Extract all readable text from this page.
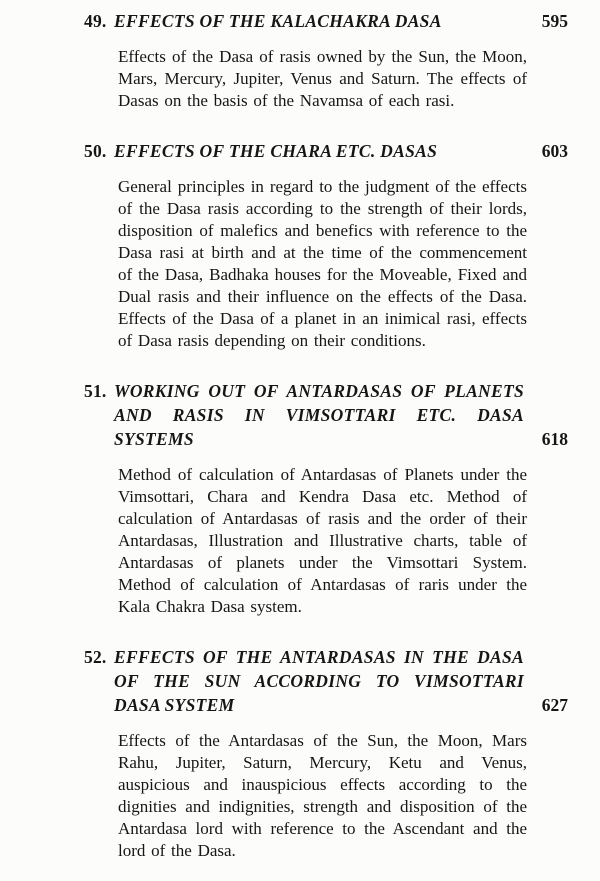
49. EFFECTS OF THE KALACHAKRA DASA	595

Effects of the Dasa of rasis owned by the Sun, the Moon, Mars, Mercury, Jupiter, Venus and Saturn. The effects of Dasas on the basis of the Navamsa of each rasi.

50. EFFECTS OF THE CHARA ETC. DASAS	603

General principles in regard to the judgment of the effects of the Dasa rasis according to the strength of their lords, disposition of malefics and benefics with reference to the Dasa rasi at birth and at the time of the commencement of the Dasa, Badhaka houses for the Moveable, Fixed and Dual rasis and their influence on the effects of the Dasa. Effects of the Dasa of a planet in an inimical rasi, effects of Dasa rasis depending on their conditions.

51. WORKING OUT OF ANTARDASAS OF PLANETS AND RASIS IN VIMSOTTARI ETC. DASA SYSTEMS	618

Method of calculation of Antardasas of Planets under the Vimsottari, Chara and Kendra Dasa etc. Method of calculation of Antardasas of rasis and the order of their Antardasas, Illustration and Illustrative charts, table of Antardasas of planets under the Vimsottari System. Method of calculation of Antardasas of raris under the Kala Chakra Dasa system.

52. EFFECTS OF THE ANTARDASAS IN THE DASA OF THE SUN ACCORDING TO VIMSOTTARI DASA SYSTEM	627

Effects of the Antardasas of the Sun, the Moon, Mars Rahu, Jupiter, Saturn, Mercury, Ketu and Venus, auspicious and inauspicious effects according to the dignities and indignities, strength and disposition of the Antardasa lord with reference to the Ascendant and the lord of the Dasa.
